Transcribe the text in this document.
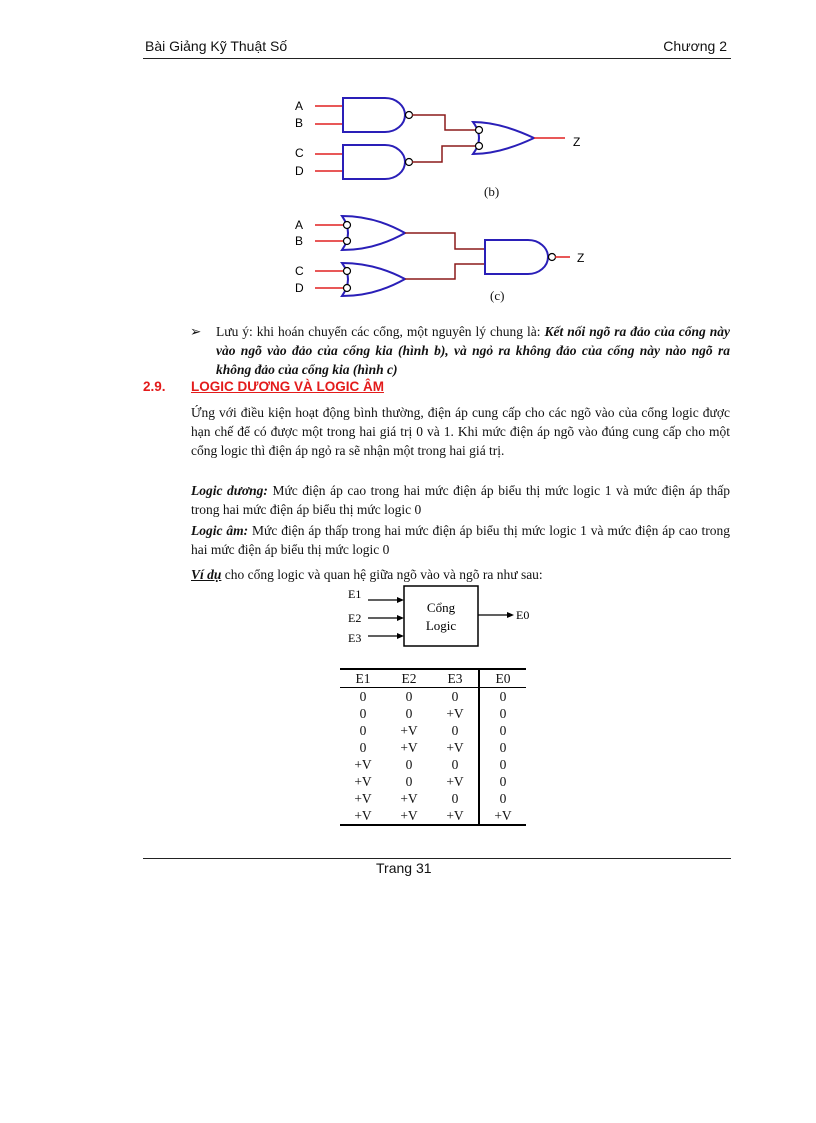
Bài Giảng Kỹ Thuật Số	Chương 2
A
B
C
D
Z
(b)
A
B
C
D
Z
(c)
➢ Lưu ý: khi hoán chuyển các cổng, một nguyên lý chung là: Kết nối ngõ ra đảo của cổng này vào ngõ vào đảo của cổng kia (hình b), và ngỏ ra không đảo của cổng này nào ngõ ra không đảo của cổng kia (hình c)
2.9. LOGIC DƯƠNG VÀ LOGIC ÂM
Ứng với điều kiện hoạt động bình thường, điện áp cung cấp cho các ngõ vào của cổng logic được hạn chế để có được một trong hai giá trị 0 và 1. Khi mức điện áp ngõ vào đúng cung cấp cho một cổng logic thì điện áp ngỏ ra sẽ nhận một trong hai giá trị.
Logic dương: Mức điện áp cao trong hai mức điện áp biểu thị mức logic 1 và mức điện áp thấp trong hai mức điện áp biểu thị mức logic 0
Logic âm: Mức điện áp thấp trong hai mức điện áp biểu thị mức logic 1 và mức điện áp cao trong hai mức điện áp biểu thị mức logic 0
Ví dụ cho cổng logic và quan hệ giữa ngõ vào và ngõ ra như sau:
Cổng
Logic
E1
E2
E3
E0
E1	E2	E3	E0
0	0	0	0
0	0	+V	0
0	+V	0	0
0	+V	+V	0
+V	0	0	0
+V	0	+V	0
+V	+V	0	0
+V	+V	+V	+V
Trang 31
